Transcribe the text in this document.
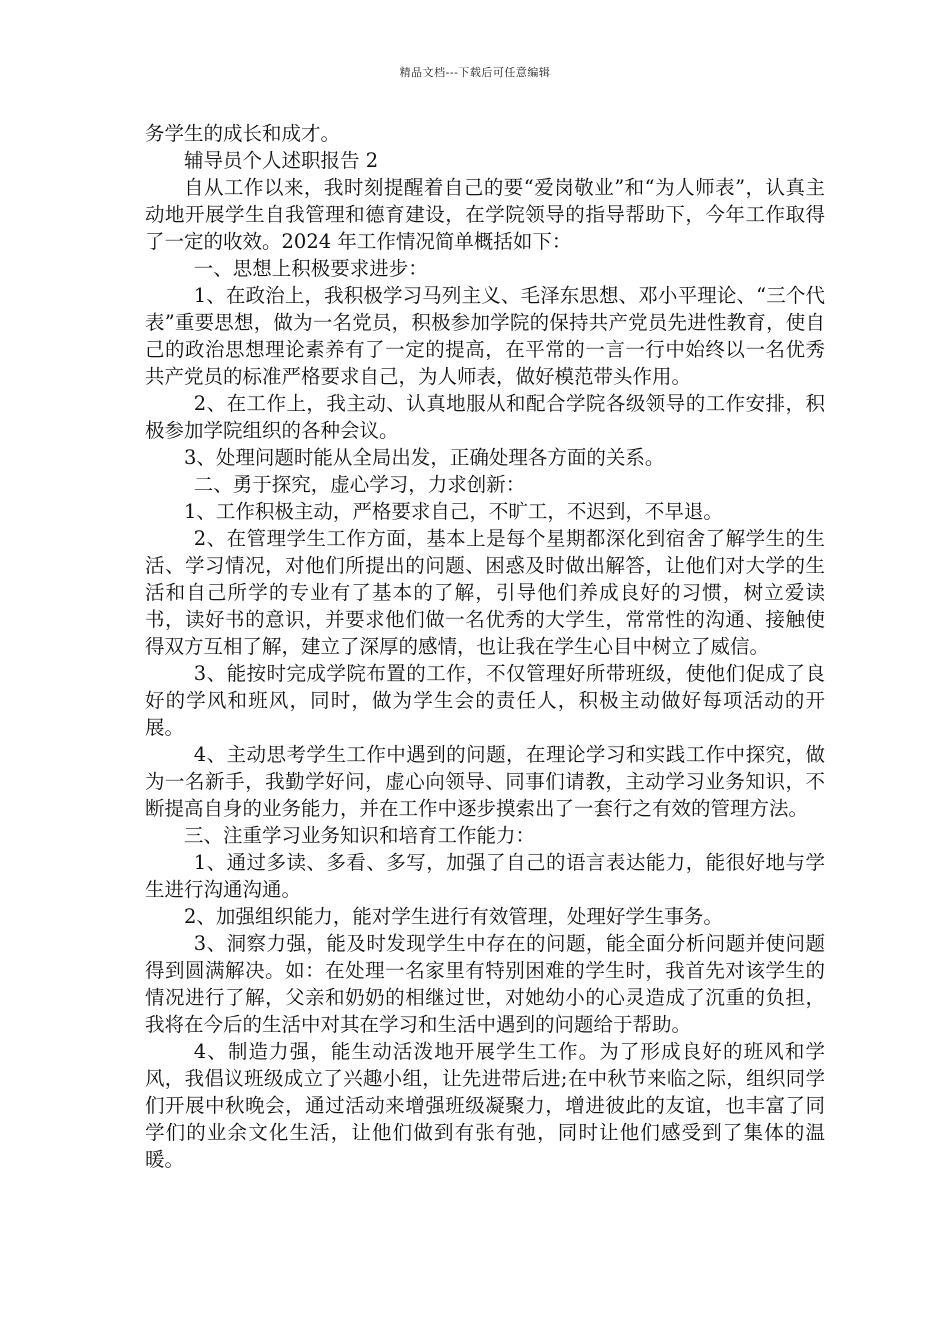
精品文档---下载后可任意编辑

务学生的成长和成才。

辅导员个人述职报告 2

自从工作以来，我时刻提醒着自己的要“爱岗敬业”和“为人师表”，认真主动地开展学生自我管理和德育建设，在学院领导的指导帮助下，今年工作取得了一定的收效。2024 年工作情况简单概括如下：

一、思想上积极要求进步：

1、在政治上，我积极学习马列主义、毛泽东思想、邓小平理论、“三个代表”重要思想，做为一名党员，积极参加学院的保持共产党员先进性教育，使自己的政治思想理论素养有了一定的提高，在平常的一言一行中始终以一名优秀共产党员的标准严格要求自己，为人师表，做好模范带头作用。

2、在工作上，我主动、认真地服从和配合学院各级领导的工作安排，积极参加学院组织的各种会议。

3、处理问题时能从全局出发，正确处理各方面的关系。

二、勇于探究，虚心学习，力求创新：

1、工作积极主动，严格要求自己，不旷工，不迟到，不早退。

2、在管理学生工作方面，基本上是每个星期都深化到宿舍了解学生的生活、学习情况，对他们所提出的问题、困惑及时做出解答，让他们对大学的生活和自己所学的专业有了基本的了解，引导他们养成良好的习惯，树立爱读书，读好书的意识，并要求他们做一名优秀的大学生，常常性的沟通、接触使得双方互相了解，建立了深厚的感情，也让我在学生心目中树立了威信。

3、能按时完成学院布置的工作，不仅管理好所带班级，使他们促成了良好的学风和班风，同时，做为学生会的责任人，积极主动做好每项活动的开展。

4、主动思考学生工作中遇到的问题，在理论学习和实践工作中探究，做为一名新手，我勤学好问，虚心向领导、同事们请教，主动学习业务知识，不断提高自身的业务能力，并在工作中逐步摸索出了一套行之有效的管理方法。

三、注重学习业务知识和培育工作能力：

1、通过多读、多看、多写，加强了自己的语言表达能力，能很好地与学生进行沟通沟通。

2、加强组织能力，能对学生进行有效管理，处理好学生事务。

3、洞察力强，能及时发现学生中存在的问题，能全面分析问题并使问题得到圆满解决。如：在处理一名家里有特别困难的学生时，我首先对该学生的情况进行了解，父亲和奶奶的相继过世，对她幼小的心灵造成了沉重的负担，我将在今后的生活中对其在学习和生活中遇到的问题给于帮助。

4、制造力强，能生动活泼地开展学生工作。为了形成良好的班风和学风，我倡议班级成立了兴趣小组，让先进带后进;在中秋节来临之际，组织同学们开展中秋晚会，通过活动来增强班级凝聚力，增进彼此的友谊，也丰富了同学们的业余文化生活，让他们做到有张有弛，同时让他们感受到了集体的温暖。
